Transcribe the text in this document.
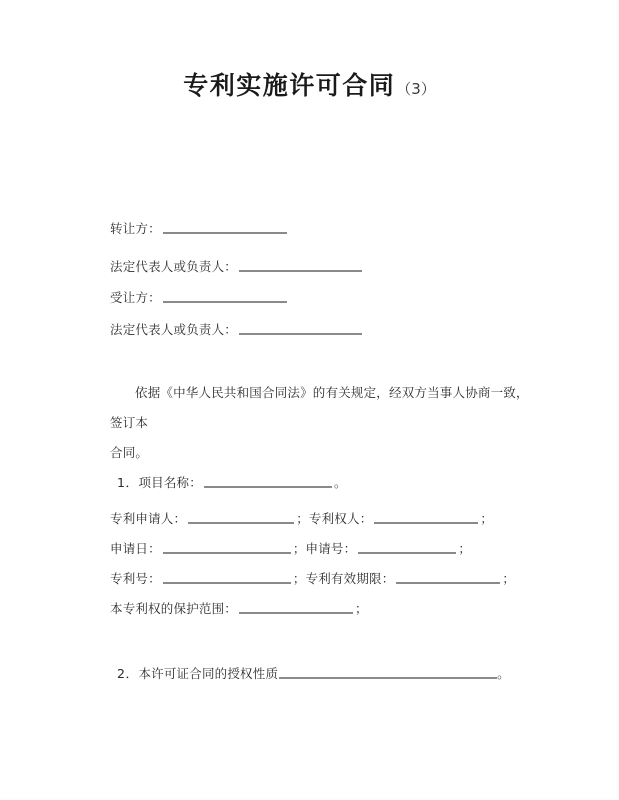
专利实施许可合同（3）
转让方：
法定代表人或负责人：
受让方：
法定代表人或负责人：
依据《中华人民共和国合同法》的有关规定，经双方当事人协商一致，签订本
合同。
1．项目名称：	。
专利申请人：	；专利权人：	；
申请日：	；申请号：	；
专利号：	；专利有效期限：	；
本专利权的保护范围：	；
2．本许可证合同的授权性质	。
